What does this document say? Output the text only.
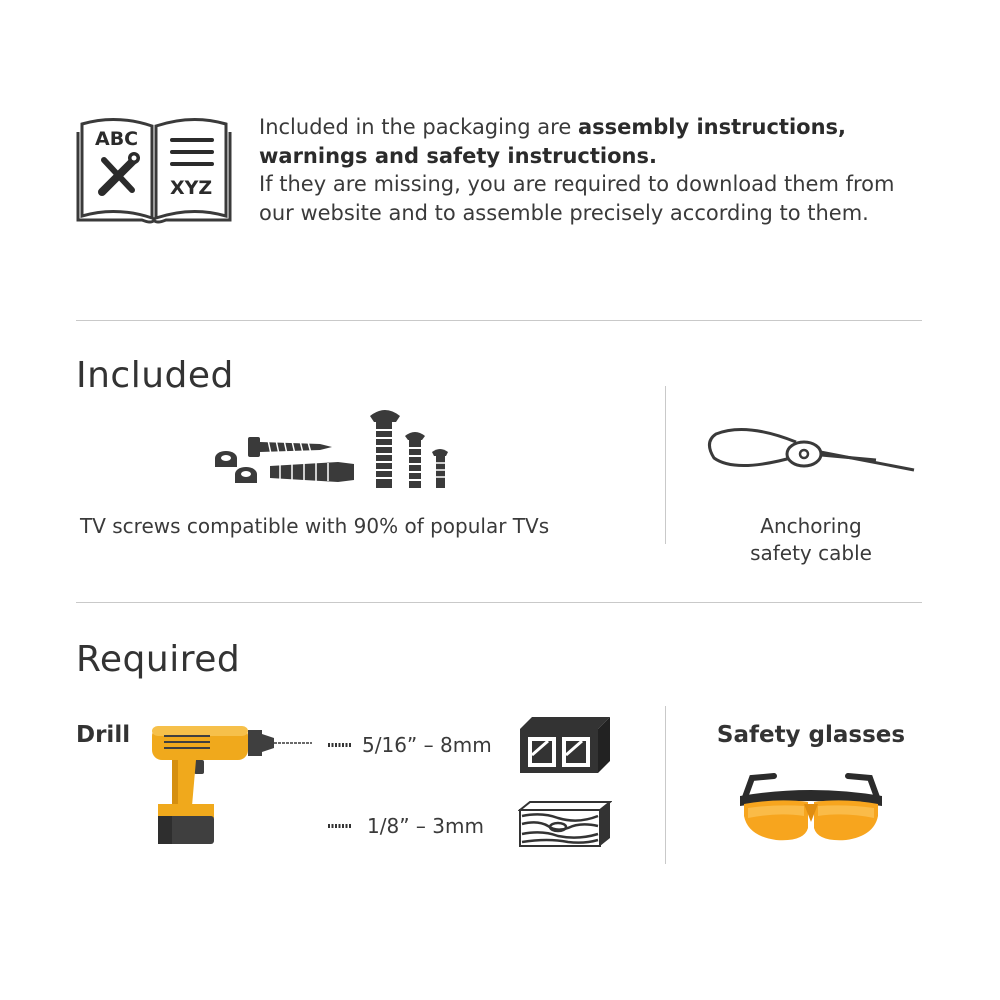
ABC
XYZ
Included in the packaging are assembly instructions,
warnings and safety instructions.
If they are missing, you are required to download them from
our website and to assemble precisely according to them.
Included
TV screws compatible with 90% of popular TVs	Anchoring
safety cable
Required
Drill	5/16” – 8mm
1/8” – 3mm
Safety glasses
